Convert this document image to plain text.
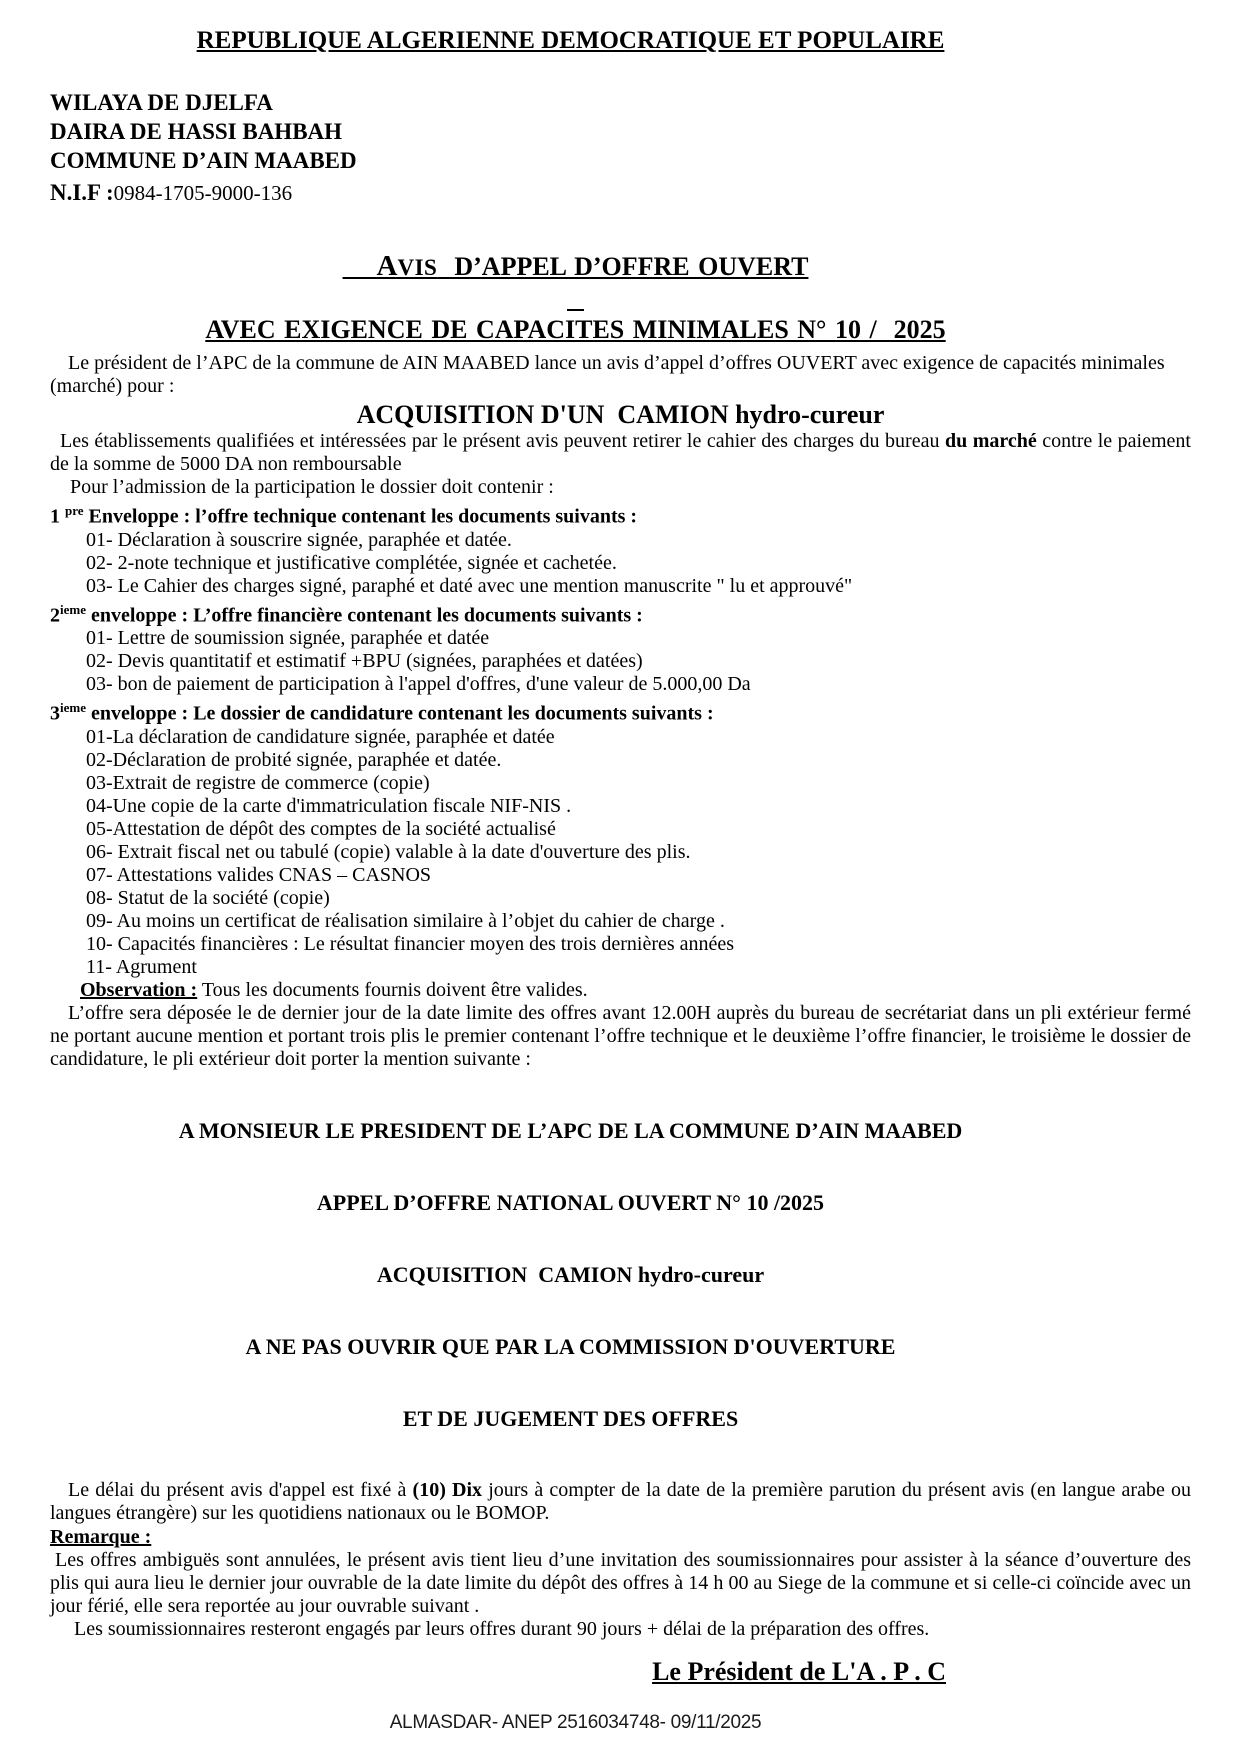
REPUBLIQUE ALGERIENNE DEMOCRATIQUE ET POPULAIRE
WILAYA DE DJELFA
DAIRA DE HASSI BAHBAH
COMMUNE D’AIN MAABED
N.I.F :0984-1705-9000-136

AVIS  D’APPEL D’OFFRE OUVERT

AVEC EXIGENCE DE CAPACITES MINIMALES N° 10 /  2025
Le président de l’APC de la commune de AIN MAABED lance un avis d’appel d’offres OUVERT avec exigence de capacités minimales (marché) pour :
ACQUISITION D'UN  CAMION hydro-cureur
Les établissements qualifiées et intéressées par le présent avis peuvent retirer le cahier des charges du bureau du marché contre le paiement de la somme de 5000 DA non remboursable
Pour l’admission de la participation le dossier doit contenir :
1 $^{pre}$ Enveloppe : l’offre technique contenant les documents suivants :
01- Déclaration à souscrire signée, paraphée et datée.
02- 2-note technique et justificative complétée, signée et cachetée.
03- Le Cahier des charges signé, paraphé et daté avec une mention manuscrite " lu et approuvé"
2ieme enveloppe : L’offre financière contenant les documents suivants :
01- Lettre de soumission signée, paraphée et datée
02- Devis quantitatif et estimatif +BPU (signées, paraphées et datées)
03- bon de paiement de participation à l'appel d'offres, d'une valeur de 5.000,00 Da
3ieme enveloppe : Le dossier de candidature contenant les documents suivants :
01-La déclaration de candidature signée, paraphée et datée
02-Déclaration de probité signée, paraphée et datée.
03-Extrait de registre de commerce (copie)
04-Une copie de la carte d'immatriculation fiscale NIF-NIS .
05-Attestation de dépôt des comptes de la société actualisé
06- Extrait fiscal net ou tabulé (copie) valable à la date d'ouverture des plis.
07- Attestations valides CNAS – CASNOS
08- Statut de la société (copie)
09- Au moins un certificat de réalisation similaire à l’objet du cahier de charge .
10- Capacités financières : Le résultat financier moyen des trois dernières années
11- Agrument
Observation : Tous les documents fournis doivent être valides.
L’offre sera déposée le de dernier jour de la date limite des offres avant 12.00H auprès du bureau de secrétariat dans un pli extérieur fermé ne portant aucune mention et portant trois plis le premier contenant l’offre technique et le deuxième l’offre financier, le troisième le dossier de candidature, le pli extérieur doit porter la mention suivante :

A MONSIEUR LE PRESIDENT DE L’APC DE LA COMMUNE D’AIN MAABED

APPEL D’OFFRE NATIONAL OUVERT N° 10 /2025

ACQUISITION  CAMION hydro-cureur

A NE PAS OUVRIR QUE PAR LA COMMISSION D'OUVERTURE

ET DE JUGEMENT DES OFFRES

Le délai du présent avis d'appel est fixé à (10) Dix jours à compter de la date de la première parution du présent avis (en langue arabe ou langues étrangère) sur les quotidiens nationaux ou le BOMOP.
Remarque :
Les offres ambiguës sont annulées, le présent avis tient lieu d’une invitation des soumissionnaires pour assister à la séance d’ouverture des plis qui aura lieu le dernier jour ouvrable de la date limite du dépôt des offres à 14 h 00 au Siege de la commune et si celle-ci coïncide avec un jour férié, elle sera reportée au jour ouvrable suivant .
Les soumissionnaires resteront engagés par leurs offres durant 90 jours + délai de la préparation des offres.
Le Président de L'A . P . C
ALMASDAR- ANEP 2516034748- 09/11/2025
